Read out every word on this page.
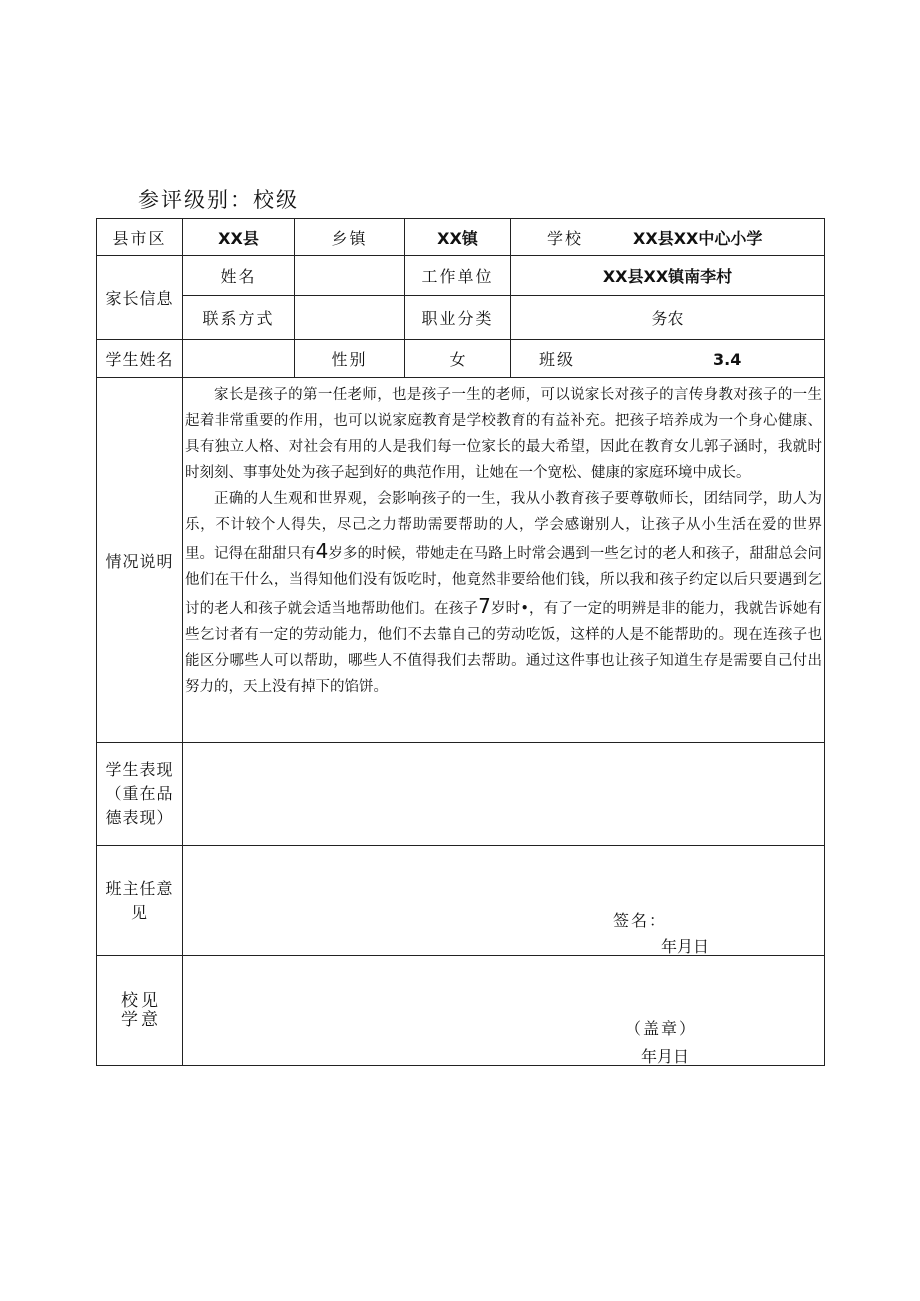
参评级别：校级
县市区	XX县	乡镇	XX镇	学校 XX县XX中心小学
家长信息	姓名		工作单位	XX县XX镇南李村
	联系方式		职业分类	务农
学生姓名		性别	女	班级 3.4
情况说明	家长是孩子的第一任老师，也是孩子一生的老师，可以说家长对孩子的言传身教对孩子的一生起着非常重要的作用，也可以说家庭教育是学校教育的有益补充。把孩子培养成为一个身心健康、具有独立人格、对社会有用的人是我们每一位家长的最大希望，因此在教育女儿郭子涵时，我就时时刻刻、事事处处为孩子起到好的典范作用，让她在一个宽松、健康的家庭环境中成长。

正确的人生观和世界观，会影响孩子的一生，我从小教育孩子要尊敬师长，团结同学，助人为乐，不计较个人得失，尽己之力帮助需要帮助的人，学会感谢别人，让孩子从小生活在爱的世界里。记得在甜甜只有4岁多的时候，带她走在马路上时常会遇到一些乞讨的老人和孩子，甜甜总会问他们在干什么，当得知他们没有饭吃时，他竟然非要给他们钱，所以我和孩子约定以后只要遇到乞讨的老人和孩子就会适当地帮助他们。在孩子7岁时•，有了一定的明辨是非的能力，我就告诉她有些乞讨者有一定的劳动能力，他们不去靠自己的劳动吃饭，这样的人是不能帮助的。现在连孩子也能区分哪些人可以帮助，哪些人不值得我们去帮助。通过这件事也让孩子知道生存是需要自己付出努力的，天上没有掉下的馅饼。			

学生表现（重在品德表现）				
班主任意见	签名：
年月日			

校 见
学 意	（盖章）
年月日			
